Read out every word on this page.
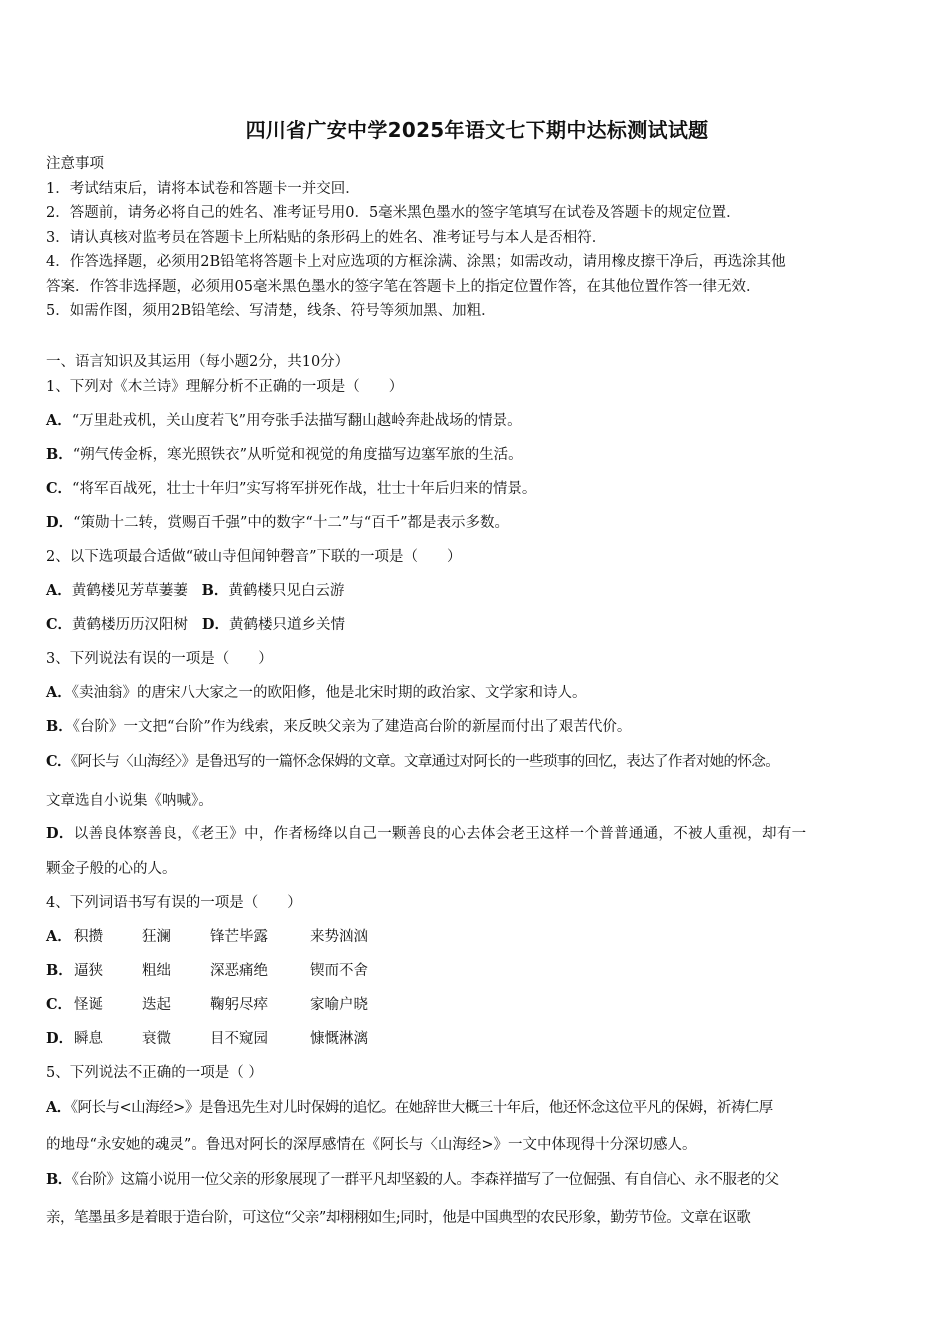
四川省广安中学2025年语文七下期中达标测试试题
注意事项
1．考试结束后，请将本试卷和答题卡一并交回．
2．答题前，请务必将自己的姓名、准考证号用0．5毫米黑色墨水的签字笔填写在试卷及答题卡的规定位置．
3．请认真核对监考员在答题卡上所粘贴的条形码上的姓名、准考证号与本人是否相符．
4．作答选择题，必须用2B铅笔将答题卡上对应选项的方框涂满、涂黑；如需改动，请用橡皮擦干净后，再选涂其他
答案．作答非选择题，必须用05毫米黑色墨水的签字笔在答题卡上的指定位置作答，在其他位置作答一律无效．
5．如需作图，须用2B铅笔绘、写清楚，线条、符号等须加黑、加粗．
一、语言知识及其运用（每小题2分，共10分）
1、下列对《木兰诗》理解分析不正确的一项是（　　）
A．“万里赴戎机，关山度若飞”用夸张手法描写翻山越岭奔赴战场的情景。
B．“朔气传金柝，寒光照铁衣”从听觉和视觉的角度描写边塞军旅的生活。
C．“将军百战死，壮士十年归”实写将军拼死作战，壮士十年后归来的情景。
D．“策勋十二转，赏赐百千强”中的数字“十二”与“百千”都是表示多数。
2、以下选项最合适做“破山寺但闻钟磬音”下联的一项是（　　）
A．黄鹤楼见芳草萋萋 B．黄鹤楼只见白云游
C．黄鹤楼历历汉阳树 D．黄鹤楼只道乡关情
3、下列说法有误的一项是（　　）
A．《卖油翁》的唐宋八大家之一的欧阳修，他是北宋时期的政治家、文学家和诗人。
B．《台阶》一文把“台阶”作为线索，来反映父亲为了建造高台阶的新屋而付出了艰苦代价。
C．《阿长与〈山海经〉》是鲁迅写的一篇怀念保姆的文章。文章通过对阿长的一些琐事的回忆，表达了作者对她的怀念。
文章选自小说集《呐喊》。
D．以善良体察善良，《老王》中，作者杨绛以自己一颗善良的心去体会老王这样一个普普通通，不被人重视，却有一
颗金子般的心的人。
4、下列词语书写有误的一项是（　　）
A． 积攒	狂澜	锋芒毕露	来势汹汹
B．逼狭	粗绌	深恶痛绝	锲而不舍
C． 怪诞	迭起	鞠躬尽瘁	家喻户晓
D．瞬息	衰微	目不窥园	慷慨淋漓
5、下列说法不正确的一项是（ ）
A．《阿长与<山海经>》是鲁迅先生对儿时保姆的追忆。在她辞世大概三十年后，他还怀念这位平凡的保姆，祈祷仁厚
的地母“永安她的魂灵”。鲁迅对阿长的深厚感情在《阿长与〈山海经>》一文中体现得十分深切感人。
B．《台阶》这篇小说用一位父亲的形象展现了一群平凡却坚毅的人。李森祥描写了一位倔强、有自信心、永不服老的父
亲，笔墨虽多是着眼于造台阶，可这位“父亲”却栩栩如生;同时，他是中国典型的农民形象，勤劳节俭。文章在讴歌
